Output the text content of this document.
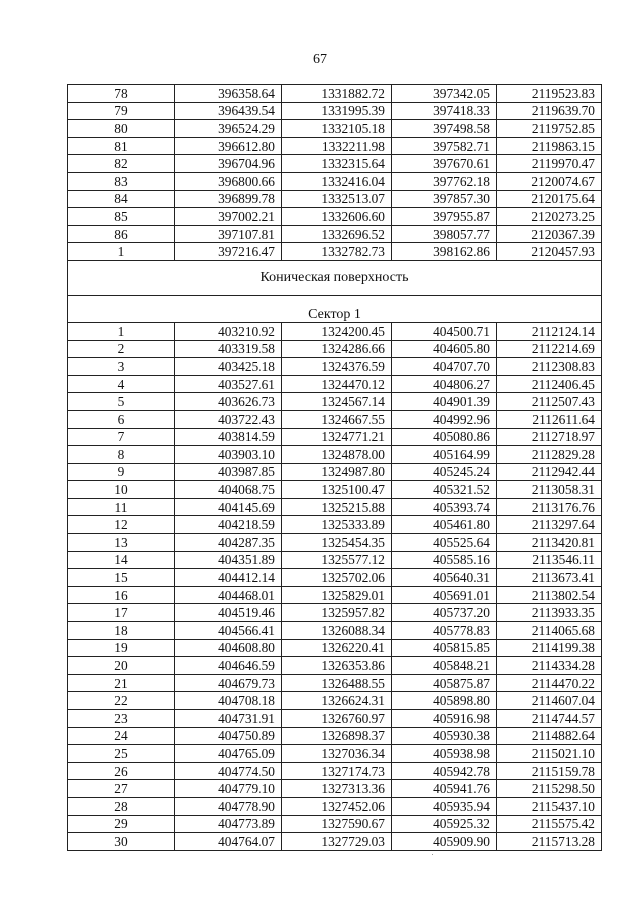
67
78	396358.64	1331882.72	397342.05	2119523.83
79	396439.54	1331995.39	397418.33	2119639.70
80	396524.29	1332105.18	397498.58	2119752.85
81	396612.80	1332211.98	397582.71	2119863.15
82	396704.96	1332315.64	397670.61	2119970.47
83	396800.66	1332416.04	397762.18	2120074.67
84	396899.78	1332513.07	397857.30	2120175.64
85	397002.21	1332606.60	397955.87	2120273.25
86	397107.81	1332696.52	398057.77	2120367.39
1	397216.47	1332782.73	398162.86	2120457.93
Коническая поверхность				
Сектор 1				
1	403210.92	1324200.45	404500.71	2112124.14
2	403319.58	1324286.66	404605.80	2112214.69
3	403425.18	1324376.59	404707.70	2112308.83
4	403527.61	1324470.12	404806.27	2112406.45
5	403626.73	1324567.14	404901.39	2112507.43
6	403722.43	1324667.55	404992.96	2112611.64
7	403814.59	1324771.21	405080.86	2112718.97
8	403903.10	1324878.00	405164.99	2112829.28
9	403987.85	1324987.80	405245.24	2112942.44
10	404068.75	1325100.47	405321.52	2113058.31
11	404145.69	1325215.88	405393.74	2113176.76
12	404218.59	1325333.89	405461.80	2113297.64
13	404287.35	1325454.35	405525.64	2113420.81
14	404351.89	1325577.12	405585.16	2113546.11
15	404412.14	1325702.06	405640.31	2113673.41
16	404468.01	1325829.01	405691.01	2113802.54
17	404519.46	1325957.82	405737.20	2113933.35
18	404566.41	1326088.34	405778.83	2114065.68
19	404608.80	1326220.41	405815.85	2114199.38
20	404646.59	1326353.86	405848.21	2114334.28
21	404679.73	1326488.55	405875.87	2114470.22
22	404708.18	1326624.31	405898.80	2114607.04
23	404731.91	1326760.97	405916.98	2114744.57
24	404750.89	1326898.37	405930.38	2114882.64
25	404765.09	1327036.34	405938.98	2115021.10
26	404774.50	1327174.73	405942.78	2115159.78
27	404779.10	1327313.36	405941.76	2115298.50
28	404778.90	1327452.06	405935.94	2115437.10
29	404773.89	1327590.67	405925.32	2115575.42
30	404764.07	1327729.03	405909.90	2115713.28
